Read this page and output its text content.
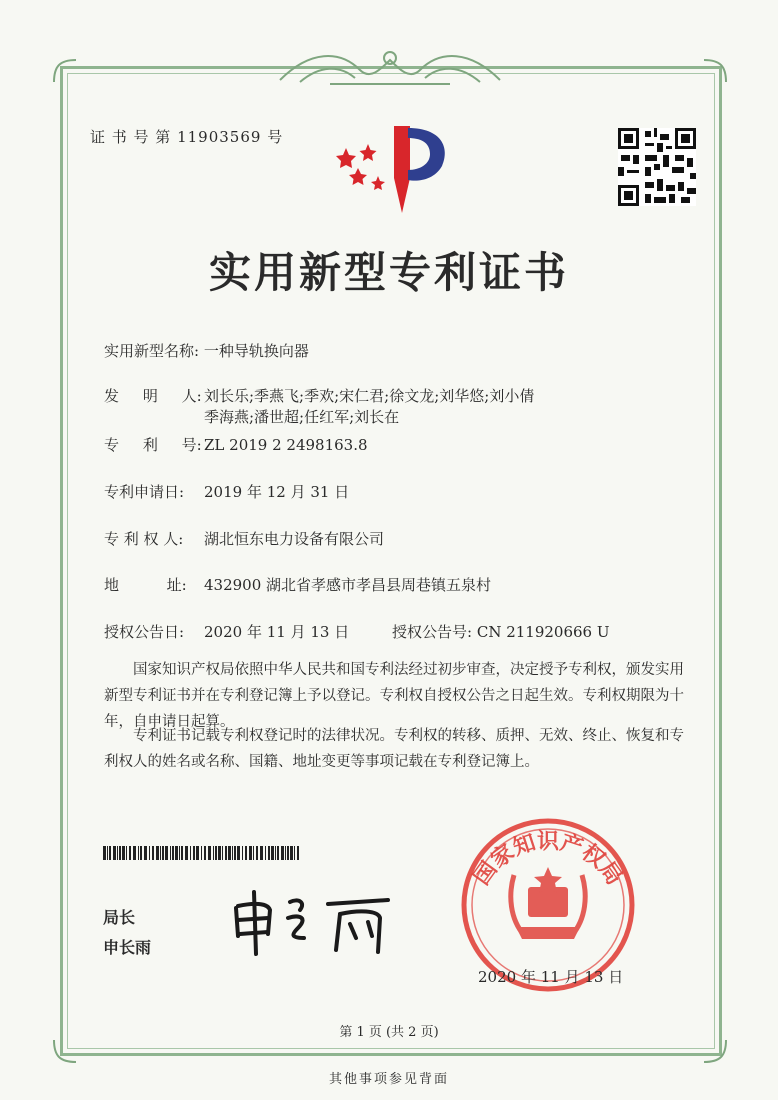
证 书 号 第 11903569 号
实用新型专利证书
实用新型名称: 一种导轨换向器
发     明     人: 刘长乐;季燕飞;季欢;宋仁君;徐文龙;刘华悠;刘小倩
季海燕;潘世超;任红军;刘长在
专     利     号: ZL 2019 2 2498163.8
专利申请日: 2019 年 12 月 31 日
专 利 权 人: 湖北恒东电力设备有限公司
地          址: 432900 湖北省孝感市孝昌县周巷镇五泉村
授权公告日: 2020 年 11 月 13 日	授权公告号: CN 211920666 U
国家知识产权局依照中华人民共和国专利法经过初步审查，决定授予专利权，颁发实用新型专利证书并在专利登记簿上予以登记。专利权自授权公告之日起生效。专利权期限为十年，自申请日起算。
专利证书记载专利权登记时的法律状况。专利权的转移、质押、无效、终止、恢复和专利权人的姓名或名称、国籍、地址变更等事项记载在专利登记簿上。
局长
申长雨
国家知识产权局
2020 年 11 月 13 日
第 1 页 (共 2 页)
其他事项参见背面
